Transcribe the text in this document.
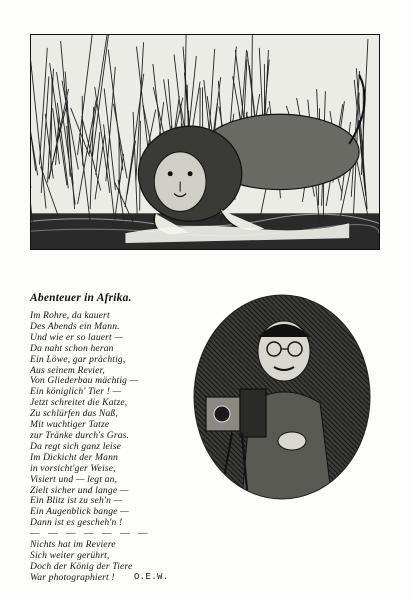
Abenteuer in Afrika.
Im Rohre, da kauert
Des Abends ein Mann.
Und wie er so lauert —
Da naht schon heran
Ein Löwe, gar prächtig,
Aus seinem Revier,
Von Gliederbau mächtig —
Ein königlich' Tier ! —
Jetzt schreitet die Katze,
Zu schlürfen das Naß,
Mit wuchtiger Tatze
zur Tränke durch's Gras.
Da regt sich ganz leise
Im Dickicht der Mann
in vorsicht'ger Weise,
Visiert und — legt an,
Zielt sicher und lange —
Ein Blitz ist zu seh'n —
Ein Augenblick bange —
Dann ist es gescheh'n !
— — — — — — —
Nichts hat im Reviere
Sich weiter gerührt,
Doch der König der Tiere
War photographiert !	O.E.W.
